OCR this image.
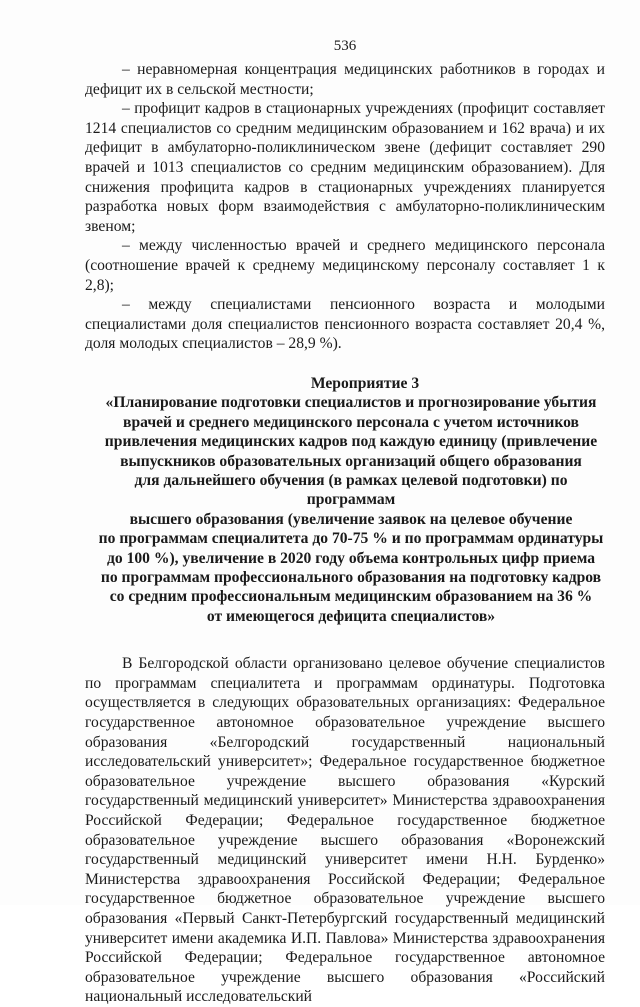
536

– неравномерная концентрация медицинских работников в городах и дефицит их в сельской местности;

– профицит кадров в стационарных учреждениях (профицит составляет 1214 специалистов со средним медицинским образованием и 162 врача) и их дефицит в амбулаторно-поликлиническом звене (дефицит составляет 290 врачей и 1013 специалистов со средним медицинским образованием). Для снижения профицита кадров в стационарных учреждениях планируется разработка новых форм взаимодействия с амбулаторно-поликлиническим звеном;

– между численностью врачей и среднего медицинского персонала (соотношение врачей к среднему медицинскому персоналу составляет 1 к 2,8);

– между специалистами пенсионного возраста и молодыми специалистами доля специалистов пенсионного возраста составляет 20,4 %, доля молодых специалистов – 28,9 %).

Мероприятие 3
«Планирование подготовки специалистов и прогнозирование убытия
врачей и среднего медицинского персонала с учетом источников
привлечения медицинских кадров под каждую единицу (привлечение
выпускников образовательных организаций общего образования
для дальнейшего обучения (в рамках целевой подготовки) по программам
высшего образования (увеличение заявок на целевое обучение
по программам специалитета до 70-75 % и по программам ординатуры
до 100 %), увеличение в 2020 году объема контрольных цифр приема
по программам профессионального образования на подготовку кадров
со средним профессиональным медицинским образованием на 36 %
от имеющегося дефицита специалистов»

В Белгородской области организовано целевое обучение специалистов по программам специалитета и программам ординатуры. Подготовка осуществляется в следующих образовательных организациях: Федеральное государственное автономное образовательное учреждение высшего образования «Белгородский государственный национальный исследовательский университет»; Федеральное государственное бюджетное образовательное учреждение высшего образования «Курский государственный медицинский университет» Министерства здравоохранения Российской Федерации; Федеральное государственное бюджетное образовательное учреждение высшего образования «Воронежский государственный медицинский университет имени Н.Н. Бурденко» Министерства здравоохранения Российской Федерации; Федеральное государственное бюджетное образовательное учреждение высшего образования «Первый Санкт-Петербургский государственный медицинский университет имени академика И.П. Павлова» Министерства здравоохранения Российской Федерации; Федеральное государственное автономное образовательное учреждение высшего образования «Российский национальный исследовательский
